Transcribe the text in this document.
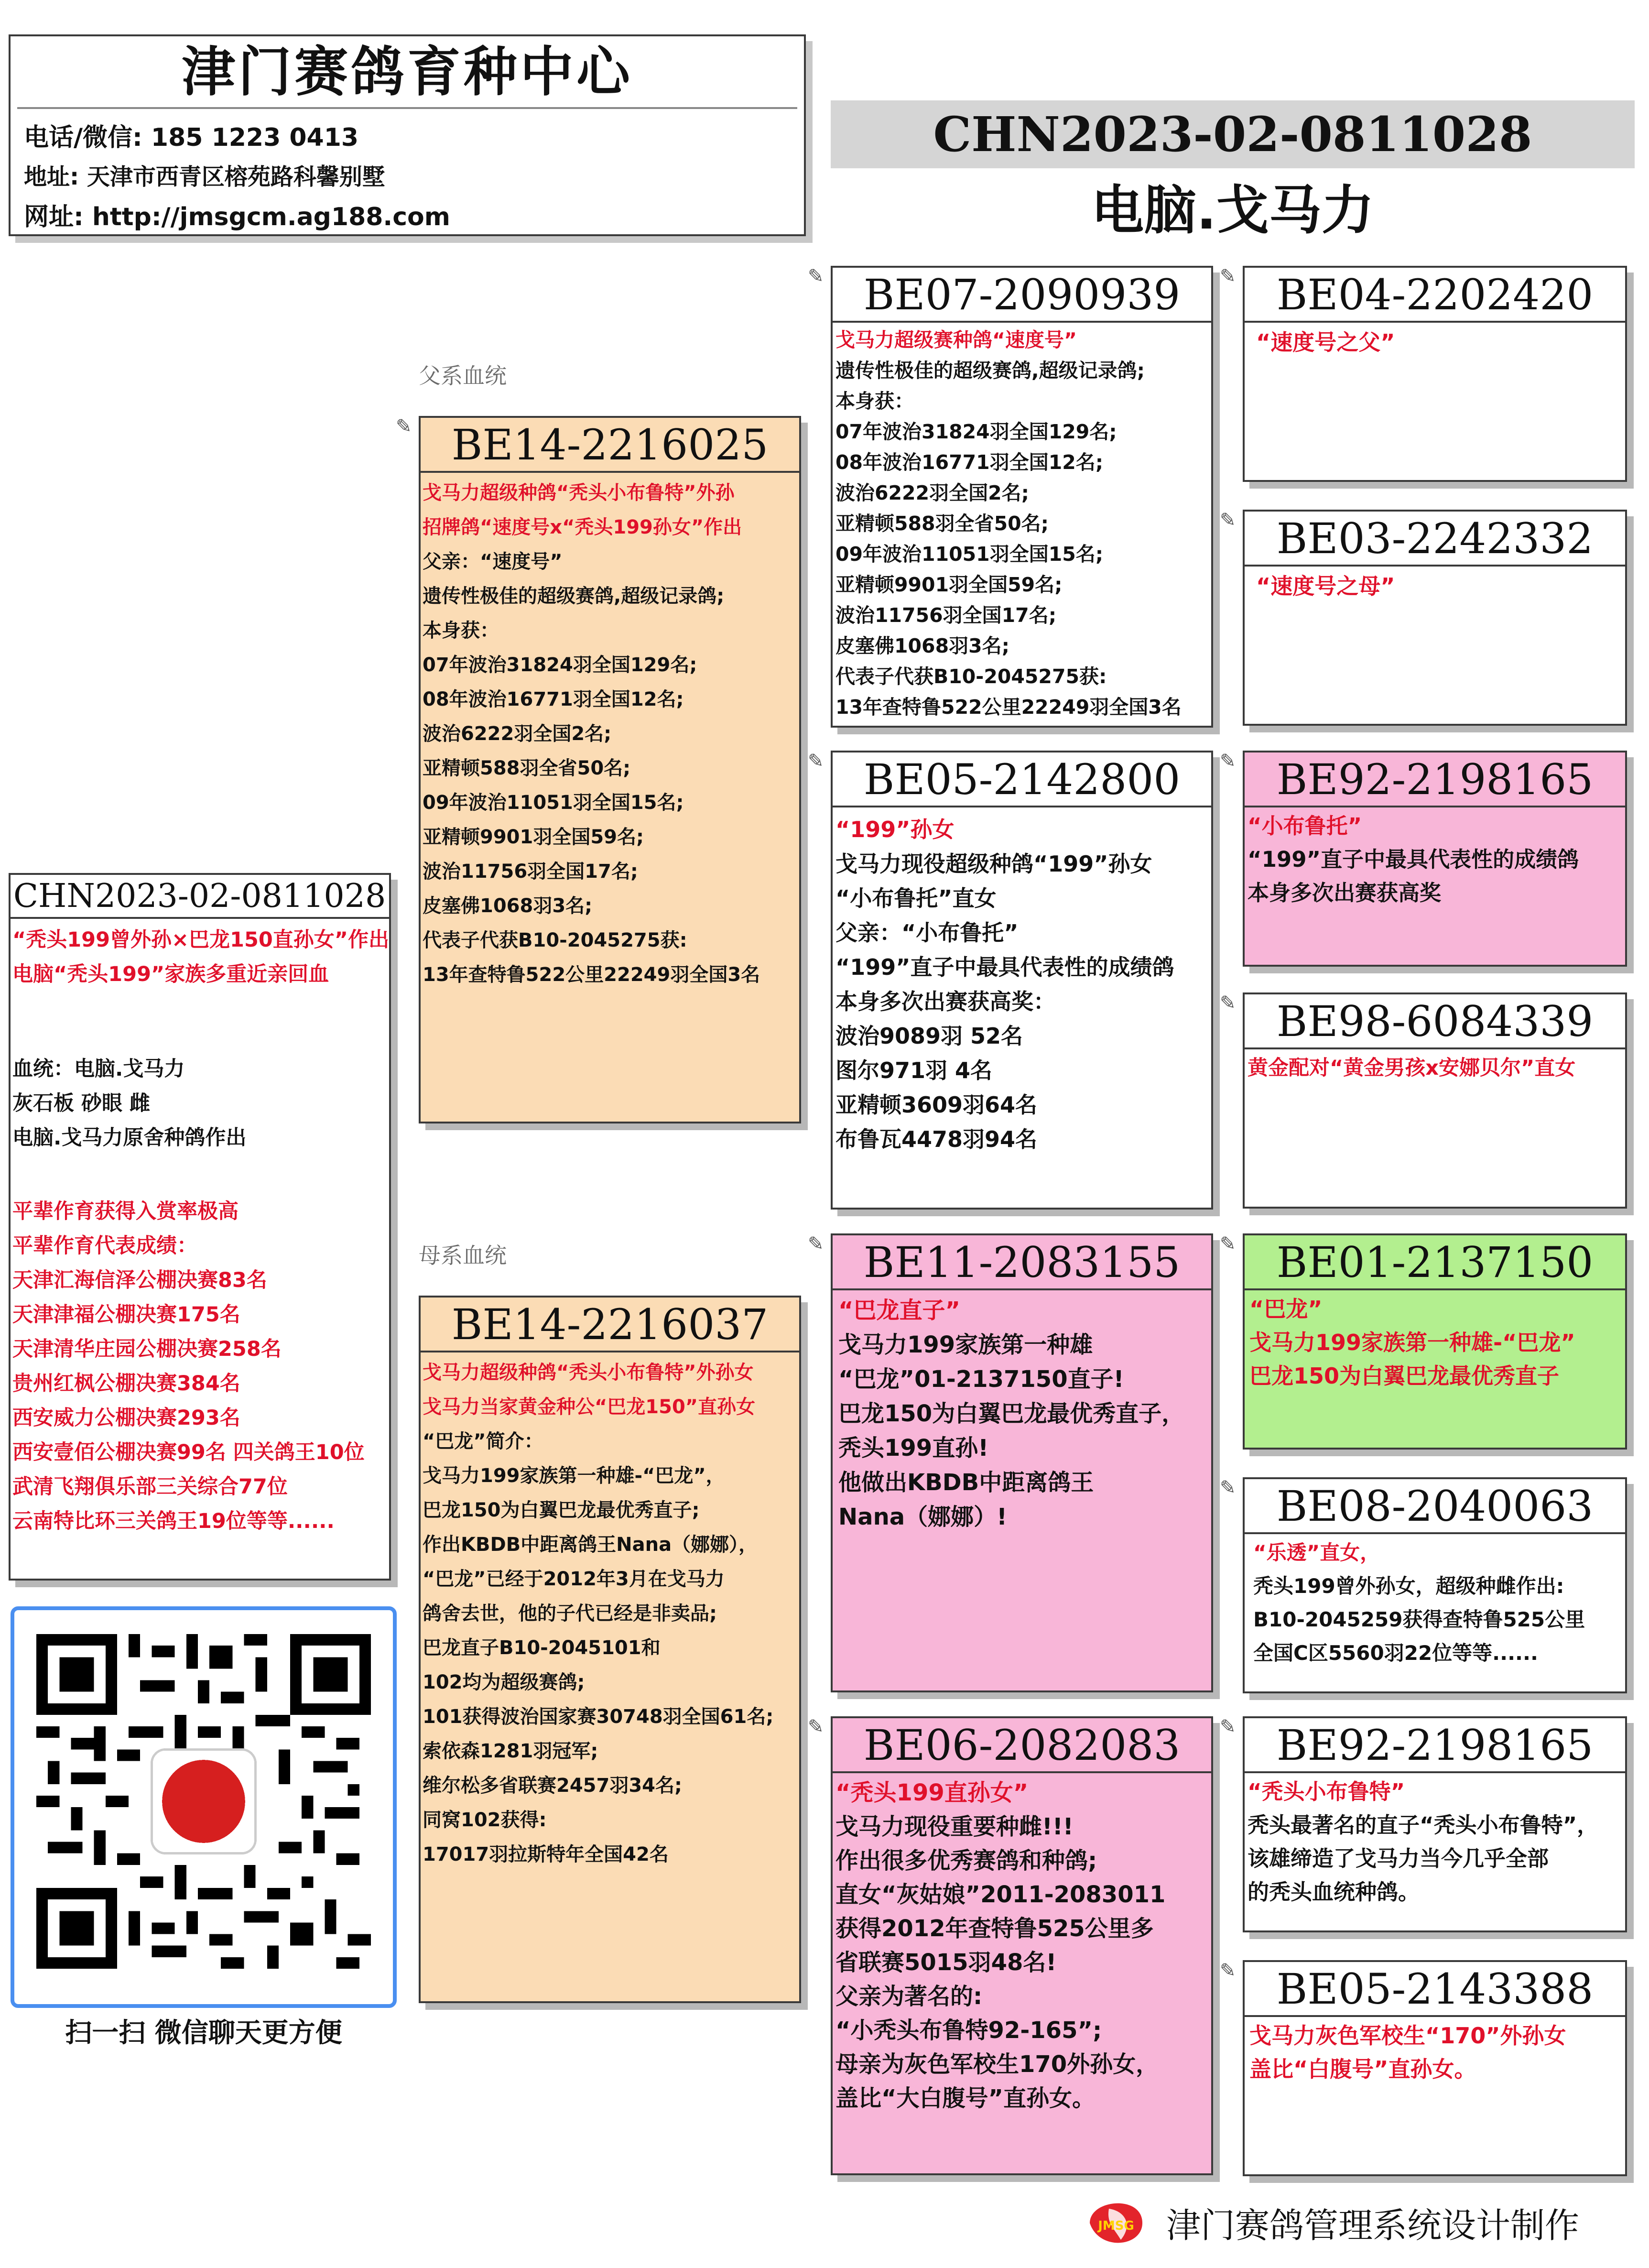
津门赛鸽育种中心
电话/微信: 185 1223 0413
地址: 天津市西青区榕苑路科馨别墅
网址: http://jmsgcm.ag188.com
CHN2023-02-0811028
电脑.戈马力
父系血统
母系血统
CHN2023-02-0811028
“秃头199曾外孙×巴龙150直孙女”作出
电脑“秃头199”家族多重近亲回血
血统：电脑.戈马力
灰石板 砂眼 雌
电脑.戈马力原舍种鸽作出
平辈作育获得入赏率极高
平辈作育代表成绩：
天津汇海信泽公棚决赛83名
天津津福公棚决赛175名
天津清华庄园公棚决赛258名
贵州红枫公棚决赛384名
西安威力公棚决赛293名
西安壹佰公棚决赛99名 四关鸽王10位
武清飞翔俱乐部三关综合77位
云南特比环三关鸽王19位等等......
扫一扫 微信聊天更方便
BE14-2216025
戈马力超级种鸽“秃头小布鲁特”外孙
招牌鸽“速度号x“秃头199孙女”作出
父亲：“速度号”
遗传性极佳的超级赛鸽,超级记录鸽;
本身获：
07年波治31824羽全国129名;
08年波治16771羽全国12名;
波治6222羽全国2名;
亚精顿588羽全省50名;
09年波治11051羽全国15名;
亚精顿9901羽全国59名;
波治11756羽全国17名;
皮塞佛1068羽3名;
代表子代获B10-2045275获:
13年查特鲁522公里22249羽全国3名
BE14-2216037
戈马力超级种鸽“秃头小布鲁特”外孙女
戈马力当家黄金种公“巴龙150”直孙女
“巴龙”简介：
戈马力199家族第一种雄-“巴龙”，
巴龙150为白翼巴龙最优秀直子;
作出KBDB中距离鸽王Nana（娜娜），
“巴龙”已经于2012年3月在戈马力
鸽舍去世，他的子代已经是非卖品;
巴龙直子B10-2045101和
102均为超级赛鸽;
101获得波治国家赛30748羽全国61名;
索依森1281羽冠军;
维尔松多省联赛2457羽34名;
同窝102获得:
17017羽拉斯特年全国42名
BE07-2090939
戈马力超级赛种鸽“速度号”
遗传性极佳的超级赛鸽,超级记录鸽;
本身获：
07年波治31824羽全国129名;
08年波治16771羽全国12名;
波治6222羽全国2名;
亚精顿588羽全省50名;
09年波治11051羽全国15名;
亚精顿9901羽全国59名;
波治11756羽全国17名;
皮塞佛1068羽3名;
代表子代获B10-2045275获:
13年查特鲁522公里22249羽全国3名
BE05-2142800
“199”孙女
戈马力现役超级种鸽“199”孙女
“小布鲁托”直女
父亲：“小布鲁托”
“199”直子中最具代表性的成绩鸽
本身多次出赛获高奖：
波治9089羽 52名
图尔971羽 4名
亚精顿3609羽64名
布鲁瓦4478羽94名
BE11-2083155
“巴龙直子”
戈马力199家族第一种雄
“巴龙”01-2137150直子!
巴龙150为白翼巴龙最优秀直子，
秃头199直孙!
他做出KBDB中距离鸽王
Nana（娜娜）!
BE06-2082083
“秃头199直孙女”
戈马力现役重要种雌!!!
作出很多优秀赛鸽和种鸽;
直女“灰姑娘”2011-2083011
获得2012年查特鲁525公里多
省联赛5015羽48名!
父亲为著名的:
“小秃头布鲁特92-165”;
母亲为灰色军校生170外孙女，
盖比“大白腹号”直孙女。
BE04-2202420
“速度号之父”
BE03-2242332
“速度号之母”
BE92-2198165
“小布鲁托”
“199”直子中最具代表性的成绩鸽
本身多次出赛获高奖
BE98-6084339
黄金配对“黄金男孩x安娜贝尔”直女
BE01-2137150
“巴龙”
戈马力199家族第一种雄-“巴龙”
巴龙150为白翼巴龙最优秀直子
BE08-2040063
“乐透”直女，
秃头199曾外孙女，超级种雌作出:
B10-2045259获得查特鲁525公里
全国C区5560羽22位等等......
BE92-2198165
“秃头小布鲁特”
秃头最著名的直子“秃头小布鲁特”，
该雄缔造了戈马力当今几乎全部
的秃头血统种鸽。
BE05-2143388
戈马力灰色军校生“170”外孙女
盖比“白腹号”直孙女。
✎
✎
✎
✎
✎
✎
✎
✎
✎
✎
✎
✎
✎
JMSG 津门赛鸽管理系统设计制作
